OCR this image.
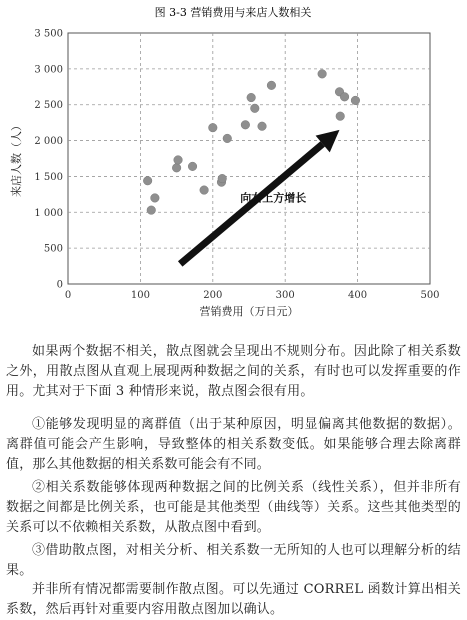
图 3-3 营销费用与来店人数相关
0
500
1 000
1 500
2 000
2 500
3 000
3 500
0	100	200	300	400	500
来店人数（人）
营销费用（万日元）
向右上方增长

如果两个数据不相关，散点图就会呈现出不规则分布。因此除了相关系数之外，用散点图从直观上展现两种数据之间的关系，有时也可以发挥重要的作用。尤其对于下面 3 种情形来说，散点图会很有用。

①能够发现明显的离群值（出于某种原因，明显偏离其他数据的数据）。离群值可能会产生影响，导致整体的相关系数变低。如果能够合理去除离群值，那么其他数据的相关系数可能会有不同。

②相关系数能够体现两种数据之间的比例关系（线性关系），但并非所有数据之间都是比例关系，也可能是其他类型（曲线等）关系。这些其他类型的关系可以不依赖相关系数，从散点图中看到。

③借助散点图，对相关分析、相关系数一无所知的人也可以理解分析的结果。

并非所有情况都需要制作散点图。可以先通过 CORREL 函数计算出相关系数，然后再针对重要内容用散点图加以确认。
